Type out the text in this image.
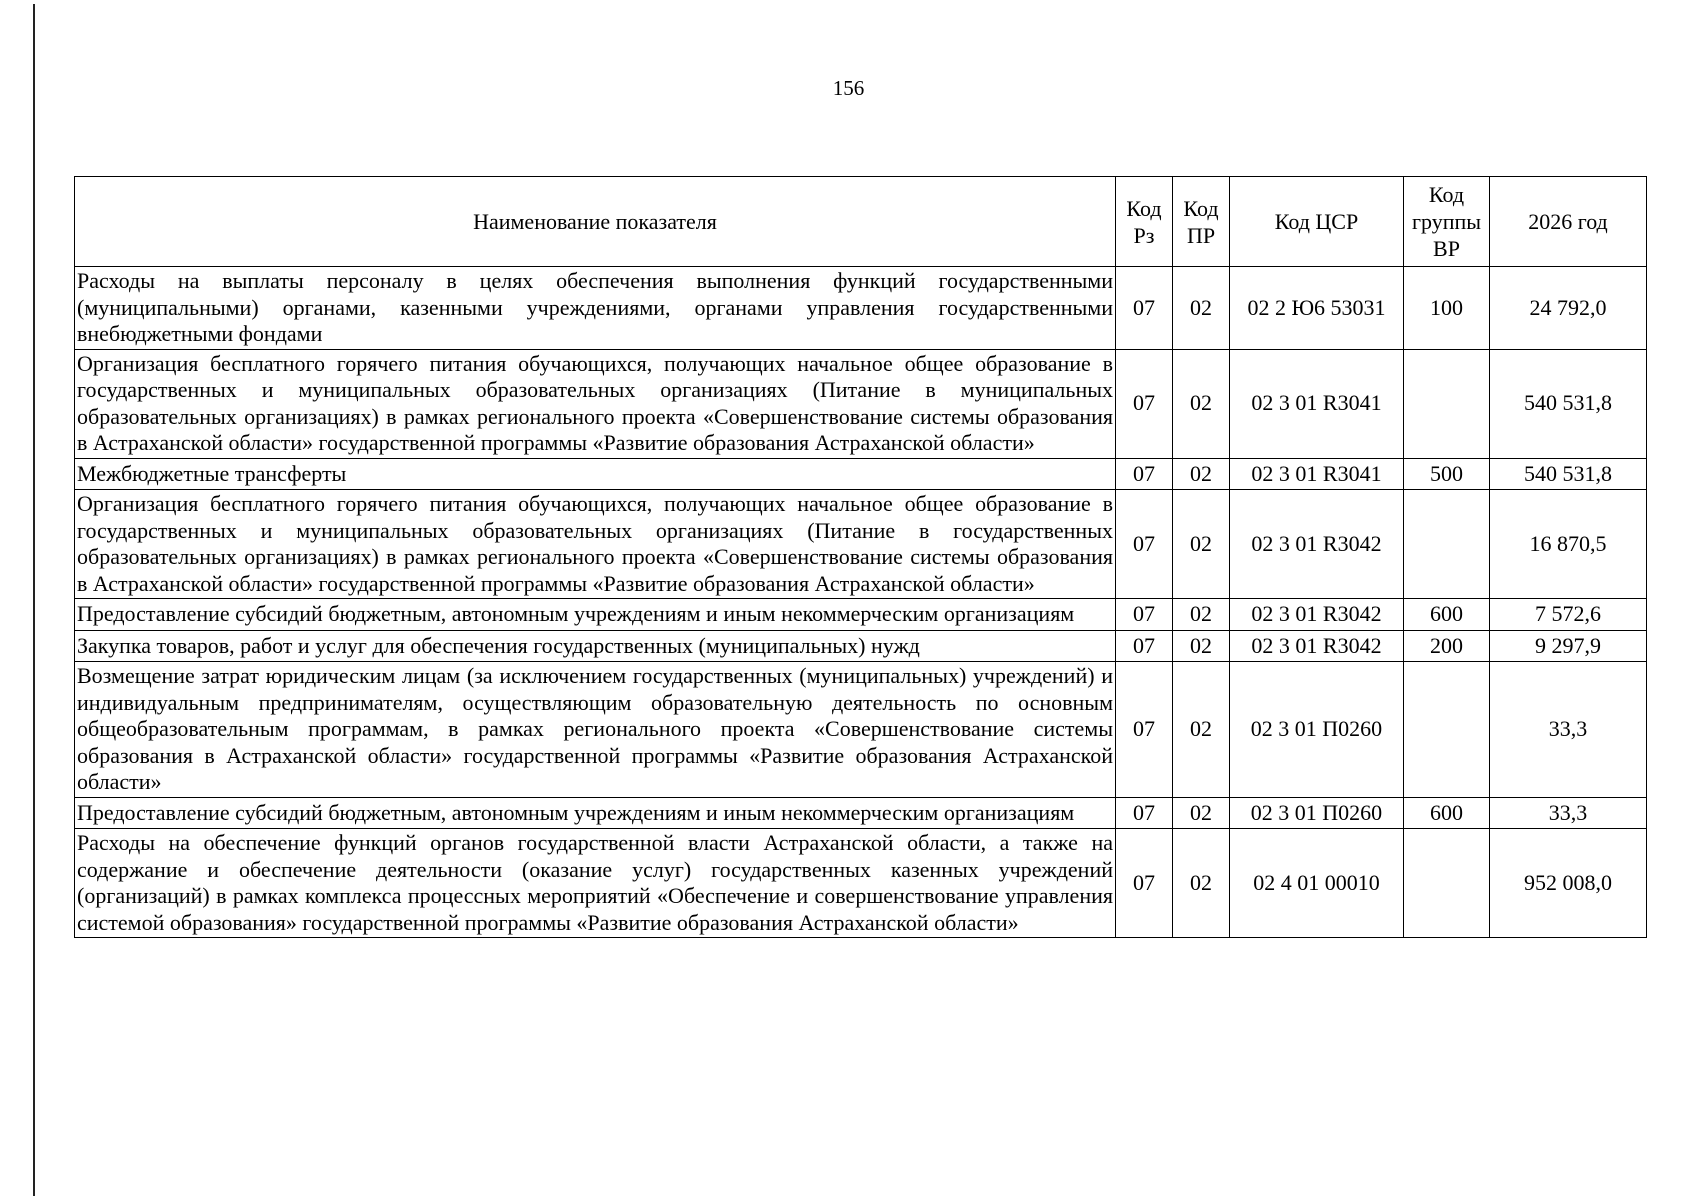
156
Наименование показателя	Код Рз	Код ПР	Код ЦСР	Код группы ВР	2026 год
Расходы на выплаты персоналу в целях обеспечения выполнения функций государственными (муниципальными) органами, казенными учреждениями, органами управления государственными внебюджетными фондами	07	02	02 2 Ю6 53031	100	24 792,0
Организация бесплатного горячего питания обучающихся, получающих начальное общее образование в государственных и муниципальных образовательных организациях (Питание в муниципальных образовательных организациях) в рамках регионального проекта «Совершенствование системы образования в Астраханской области» государственной программы «Развитие образования Астраханской области»	07	02	02 3 01 R3041		540 531,8
Межбюджетные трансферты	07	02	02 3 01 R3041	500	540 531,8
Организация бесплатного горячего питания обучающихся, получающих начальное общее образование в государственных и муниципальных образовательных организациях (Питание в государственных образовательных организациях) в рамках регионального проекта «Совершенствование системы образования в Астраханской области» государственной программы «Развитие образования Астраханской области»	07	02	02 3 01 R3042		16 870,5
Предоставление субсидий бюджетным, автономным учреждениям и иным некоммерческим организациям	07	02	02 3 01 R3042	600	7 572,6
Закупка товаров, работ и услуг для обеспечения государственных (муниципальных) нужд	07	02	02 3 01 R3042	200	9 297,9
Возмещение затрат юридическим лицам (за исключением государственных (муниципальных) учреждений) и индивидуальным предпринимателям, осуществляющим образовательную деятельность по основным общеобразовательным программам, в рамках регионального проекта «Совершенствование системы образования в Астраханской области» государственной программы «Развитие образования Астраханской области»	07	02	02 3 01 П0260		33,3
Предоставление субсидий бюджетным, автономным учреждениям и иным некоммерческим организациям	07	02	02 3 01 П0260	600	33,3
Расходы на обеспечение функций органов государственной власти Астраханской области, а также на содержание и обеспечение деятельности (оказание услуг) государственных казенных учреждений (организаций) в рамках комплекса процессных мероприятий «Обеспечение и совершенствование управления системой образования» государственной программы «Развитие образования Астраханской области»	07	02	02 4 01 00010		952 008,0
